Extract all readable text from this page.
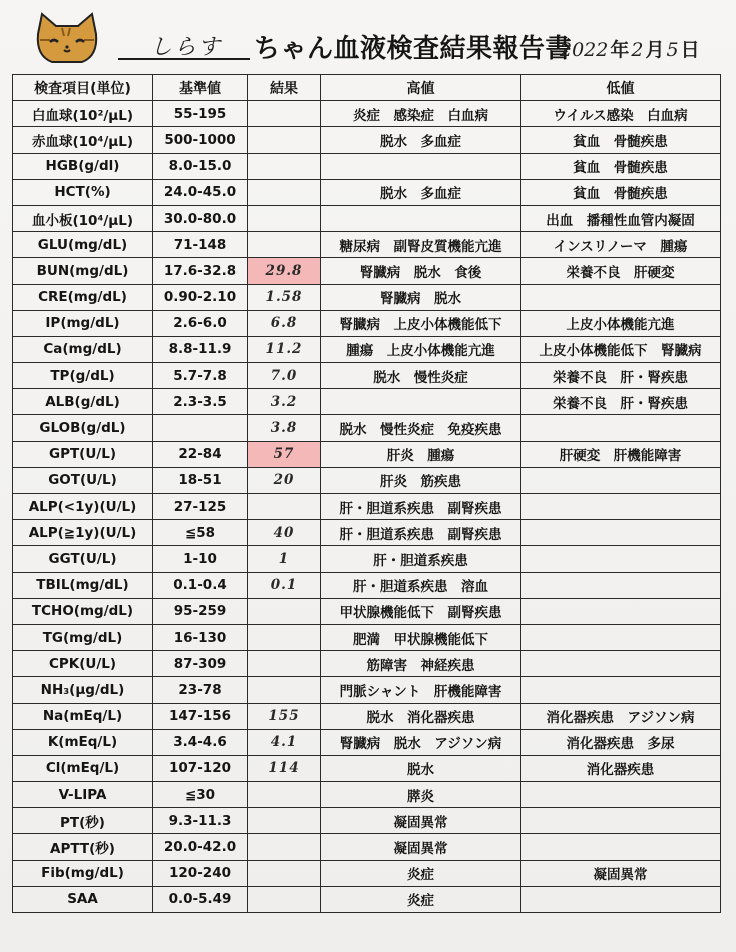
しらす	ちゃん血液検査結果報告書
2022 年 2 月 5 日
検査項目(単位)	基準値	結果	高値	低値
白血球(10²/μL)	55-195		炎症　感染症　白血病	ウイルス感染　白血病
赤血球(10⁴/μL)	500-1000		脱水　多血症	貧血　骨髄疾患
HGB(g/dl)	8.0-15.0			貧血　骨髄疾患
HCT(%)	24.0-45.0		脱水　多血症	貧血　骨髄疾患
血小板(10⁴/μL)	30.0-80.0			出血　播種性血管内凝固
GLU(mg/dL)	71-148		糖尿病　副腎皮質機能亢進	インスリノーマ　腫瘍
BUN(mg/dL)	17.6-32.8	29.8	腎臓病　脱水　食後	栄養不良　肝硬変
CRE(mg/dL)	0.90-2.10	1.58	腎臓病　脱水	
IP(mg/dL)	2.6-6.0	6.8	腎臓病　上皮小体機能低下	上皮小体機能亢進
Ca(mg/dL)	8.8-11.9	11.2	腫瘍　上皮小体機能亢進	上皮小体機能低下　腎臓病
TP(g/dL)	5.7-7.8	7.0	脱水　慢性炎症	栄養不良　肝・腎疾患
ALB(g/dL)	2.3-3.5	3.2		栄養不良　肝・腎疾患
GLOB(g/dL)		3.8	脱水　慢性炎症　免疫疾患	
GPT(U/L)	22-84	57	肝炎　腫瘍	肝硬変　肝機能障害
GOT(U/L)	18-51	20	肝炎　筋疾患	
ALP(<1y)(U/L)	27-125		肝・胆道系疾患　副腎疾患	
ALP(≧1y)(U/L)	≦58	40	肝・胆道系疾患　副腎疾患	
GGT(U/L)	1-10	1	肝・胆道系疾患	
TBIL(mg/dL)	0.1-0.4	0.1	肝・胆道系疾患　溶血	
TCHO(mg/dL)	95-259		甲状腺機能低下　副腎疾患	
TG(mg/dL)	16-130		肥満　甲状腺機能低下	
CPK(U/L)	87-309		筋障害　神経疾患	
NH₃(μg/dL)	23-78		門脈シャント　肝機能障害	
Na(mEq/L)	147-156	155	脱水　消化器疾患	消化器疾患　アジソン病
K(mEq/L)	3.4-4.6	4.1	腎臓病　脱水　アジソン病	消化器疾患　多尿
Cl(mEq/L)	107-120	114	脱水	消化器疾患
V-LIPA	≦30		膵炎	
PT(秒)	9.3-11.3		凝固異常	
APTT(秒)	20.0-42.0		凝固異常	
Fib(mg/dL)	120-240		炎症	凝固異常
SAA	0.0-5.49		炎症	
